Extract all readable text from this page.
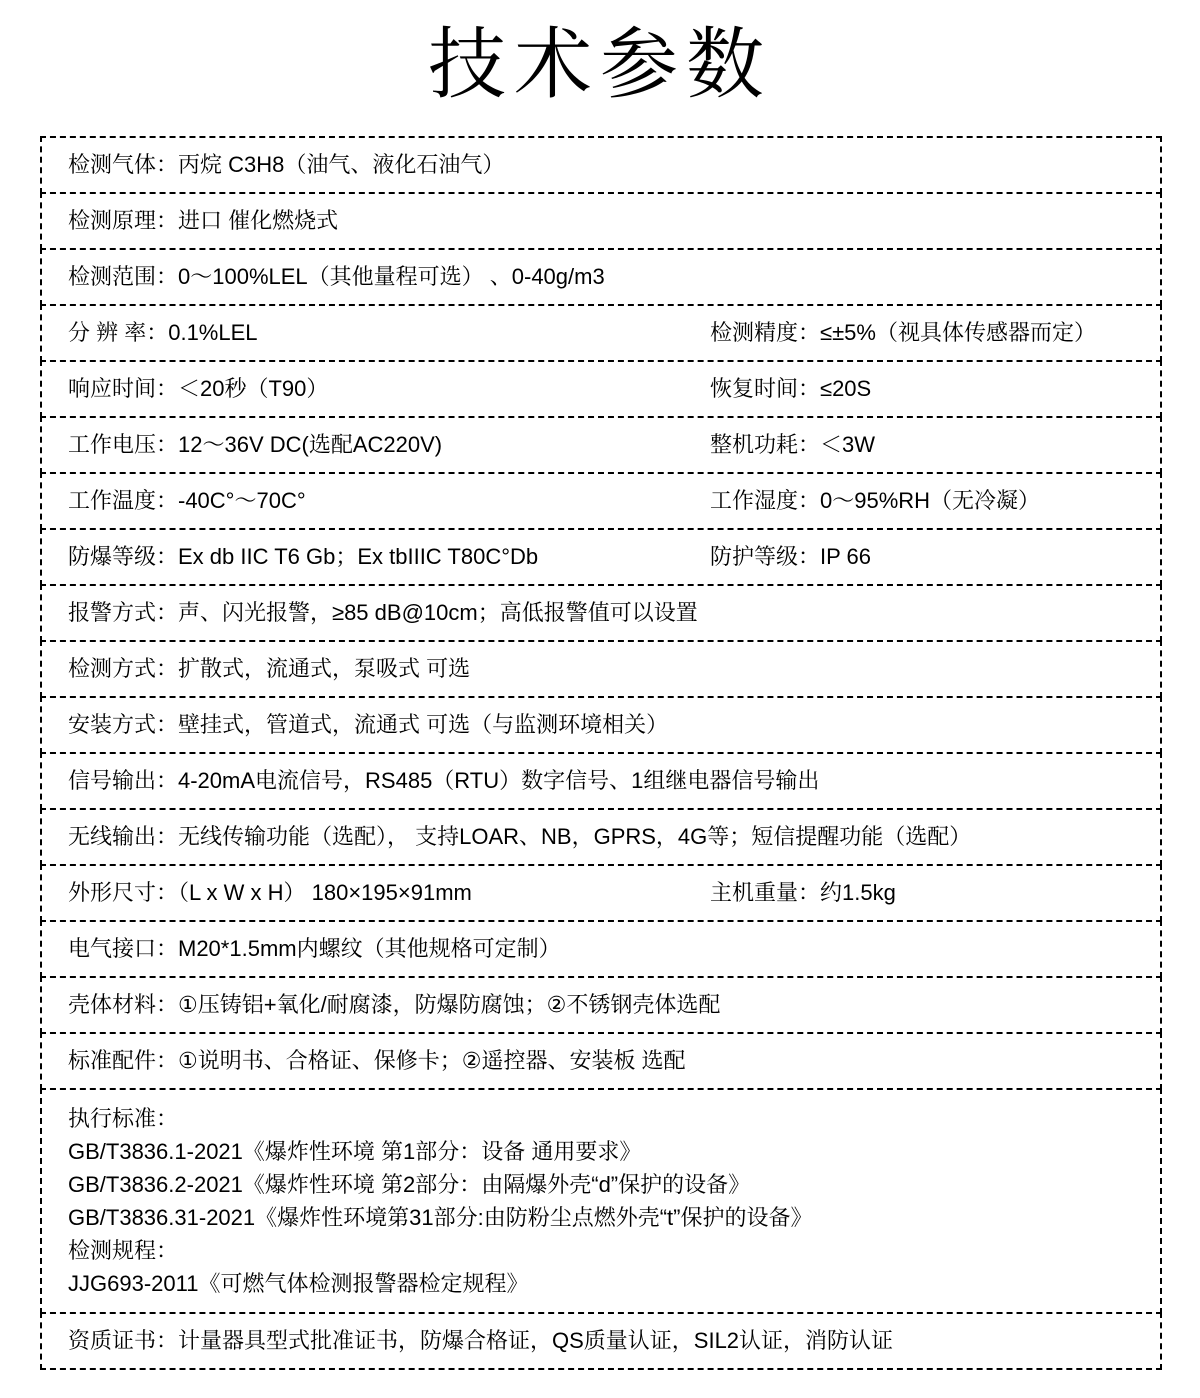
技术参数
检测气体：丙烷 C3H8（油气、液化石油气）
检测原理：进口 催化燃烧式
检测范围：0～100%LEL（其他量程可选） 、0-40g/m3
分 辨 率：0.1%LEL	检测精度：≤±5%（视具体传感器而定）
响应时间：＜20秒（T90）	恢复时间：≤20S
工作电压：12～36V DC(选配AC220V)	整机功耗：＜3W
工作温度：-40C°～70C°	工作湿度：0～95%RH（无冷凝）
防爆等级：Ex db IIC T6 Gb；Ex tbIIIC T80C°Db	防护等级：IP 66
报警方式：声、闪光报警，≥85 dB@10cm；高低报警值可以设置
检测方式：扩散式，流通式，泵吸式 可选
安装方式：壁挂式，管道式，流通式 可选（与监测环境相关）
信号输出：4-20mA电流信号，RS485（RTU）数字信号、1组继电器信号输出
无线输出：无线传输功能（选配）， 支持LOAR、NB，GPRS，4G等；短信提醒功能（选配）
外形尺寸：（L x W x H） 180×195×91mm	主机重量：约1.5kg
电气接口：M20*1.5mm内螺纹（其他规格可定制）
壳体材料：①压铸铝+氧化/耐腐漆，防爆防腐蚀；②不锈钢壳体选配
标准配件：①说明书、合格证、保修卡；②遥控器、安装板 选配
执行标准：
GB/T3836.1-2021《爆炸性环境 第1部分：设备 通用要求》
GB/T3836.2-2021《爆炸性环境 第2部分：由隔爆外壳“d”保护的设备》
GB/T3836.31-2021《爆炸性环境第31部分:由防粉尘点燃外壳“t”保护的设备》
检测规程：
JJG693-2011《可燃气体检测报警器检定规程》
资质证书：计量器具型式批准证书，防爆合格证，QS质量认证，SIL2认证，消防认证
